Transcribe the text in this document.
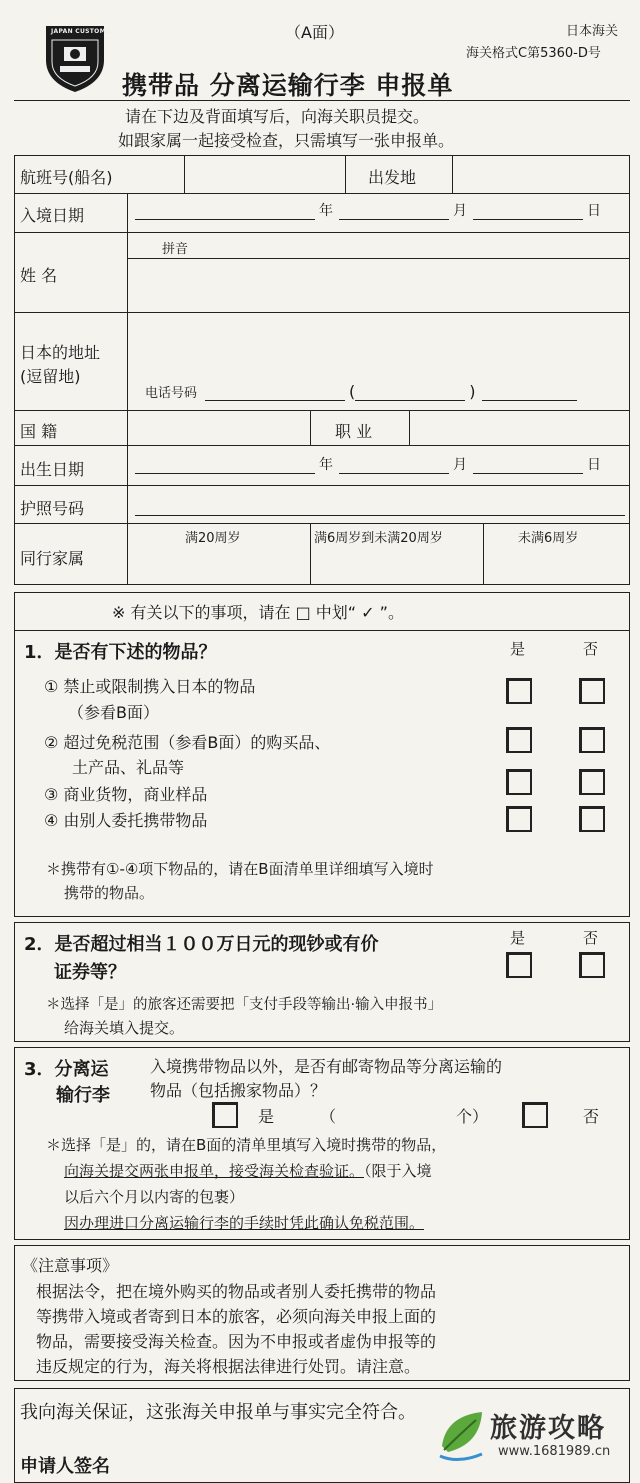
JAPAN CUSTOMS	（A面）	日本海关
海关格式C第5360-D号
携带品 分离运输行李 申报单
请在下边及背面填写后，向海关职员提交。
如跟家属一起接受检查，只需填写一张申报单。
航班号(船名)	出发地
入境日期	年	月	日
拼音
姓 名
日本的地址
(逗留地)
电话号码	(	)
国 籍	职 业
出生日期	年	月	日
护照号码
同行家属
满20周岁	满6周岁到未满20周岁	未满6周岁
※ 有关以下的事项，请在 □ 中划“ ✓ ”。
1．是否有下述的物品？	是	否
① 禁止或限制携入日本的物品
（参看B面）
② 超过免税范围（参看B面）的购买品、
土产品、礼品等
③ 商业货物，商业样品
④ 由别人委托携带物品
＊携带有①-④项下物品的，请在B面清单里详细填写入境时
携带的物品。
2．是否超过相当１００万日元的现钞或有价
证券等？
是	否
＊选择「是」的旅客还需要把「支付手段等输出·输入申报书」
给海关填入提交。
3．分离运
输行李
入境携带物品以外，是否有邮寄物品等分离运输的
物品（包括搬家物品）？
是	（	个）	否
＊选择「是」的，请在B面的清单里填写入境时携带的物品，
向海关提交两张申报单，接受海关检查验证。（限于入境
以后六个月以内寄的包裹）
因办理进口分离运输行李的手续时凭此确认免税范围。
《注意事项》
根据法令，把在境外购买的物品或者别人委托携带的物品
等携带入境或者寄到日本的旅客，必须向海关申报上面的
物品，需要接受海关检查。因为不申报或者虚伪申报等的
违反规定的行为，海关将根据法律进行处罚。请注意。
我向海关保证，这张海关申报单与事实完全符合。
申请人签名
旅游攻略
www.1681989.cn
